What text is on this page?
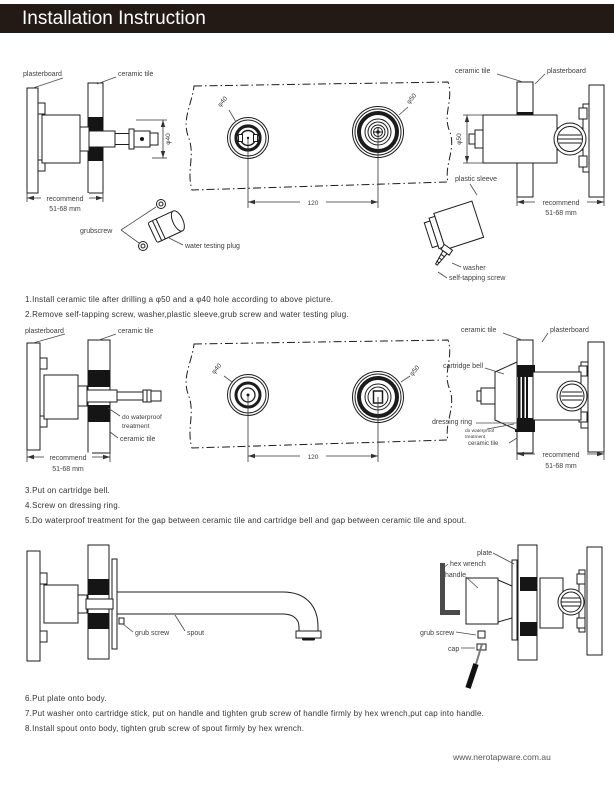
Installation Instruction
φ40
plasterboard	ceramic tile
recommend
51-68 mm
grubscrew
water testing plug
φ40	φ50
120
φ50
ceramic tile	plasterboard
recommend
51-68 mm
plastic sleeve
washer
self-tapping screw
1.Install ceramic tile after drilling a φ50 and a φ40 hole according to above picture.
2.Remove self-tapping screw, washer,plastic sleeve,grub screw and water testing plug.
plasterboard	ceramic tile
do waterproof
treatment
ceramic tile
recommend
51-68 mm
φ40	φ50
120
ceramic tile	plasterboard
cartridge bell
dressing ring
do waterproof
treatment
ceramic tile
recommend
51-68 mm
3.Put on cartridge bell.
4.Screw on dressing ring.
5.Do waterproof treatment for the gap between ceramic tile and cartridge bell and gap between ceramic tile and spout.
grub screw	spout
plate
hex wrench
handle
grub screw
cap
6.Put plate onto body.
7.Put washer onto cartridge stick, put on handle and tighten grub screw of handle firmly by hex wrench,put cap into handle.
8.Install spout onto body, tighten grub screw of spout firmly by hex wrench.
www.nerotapware.com.au
